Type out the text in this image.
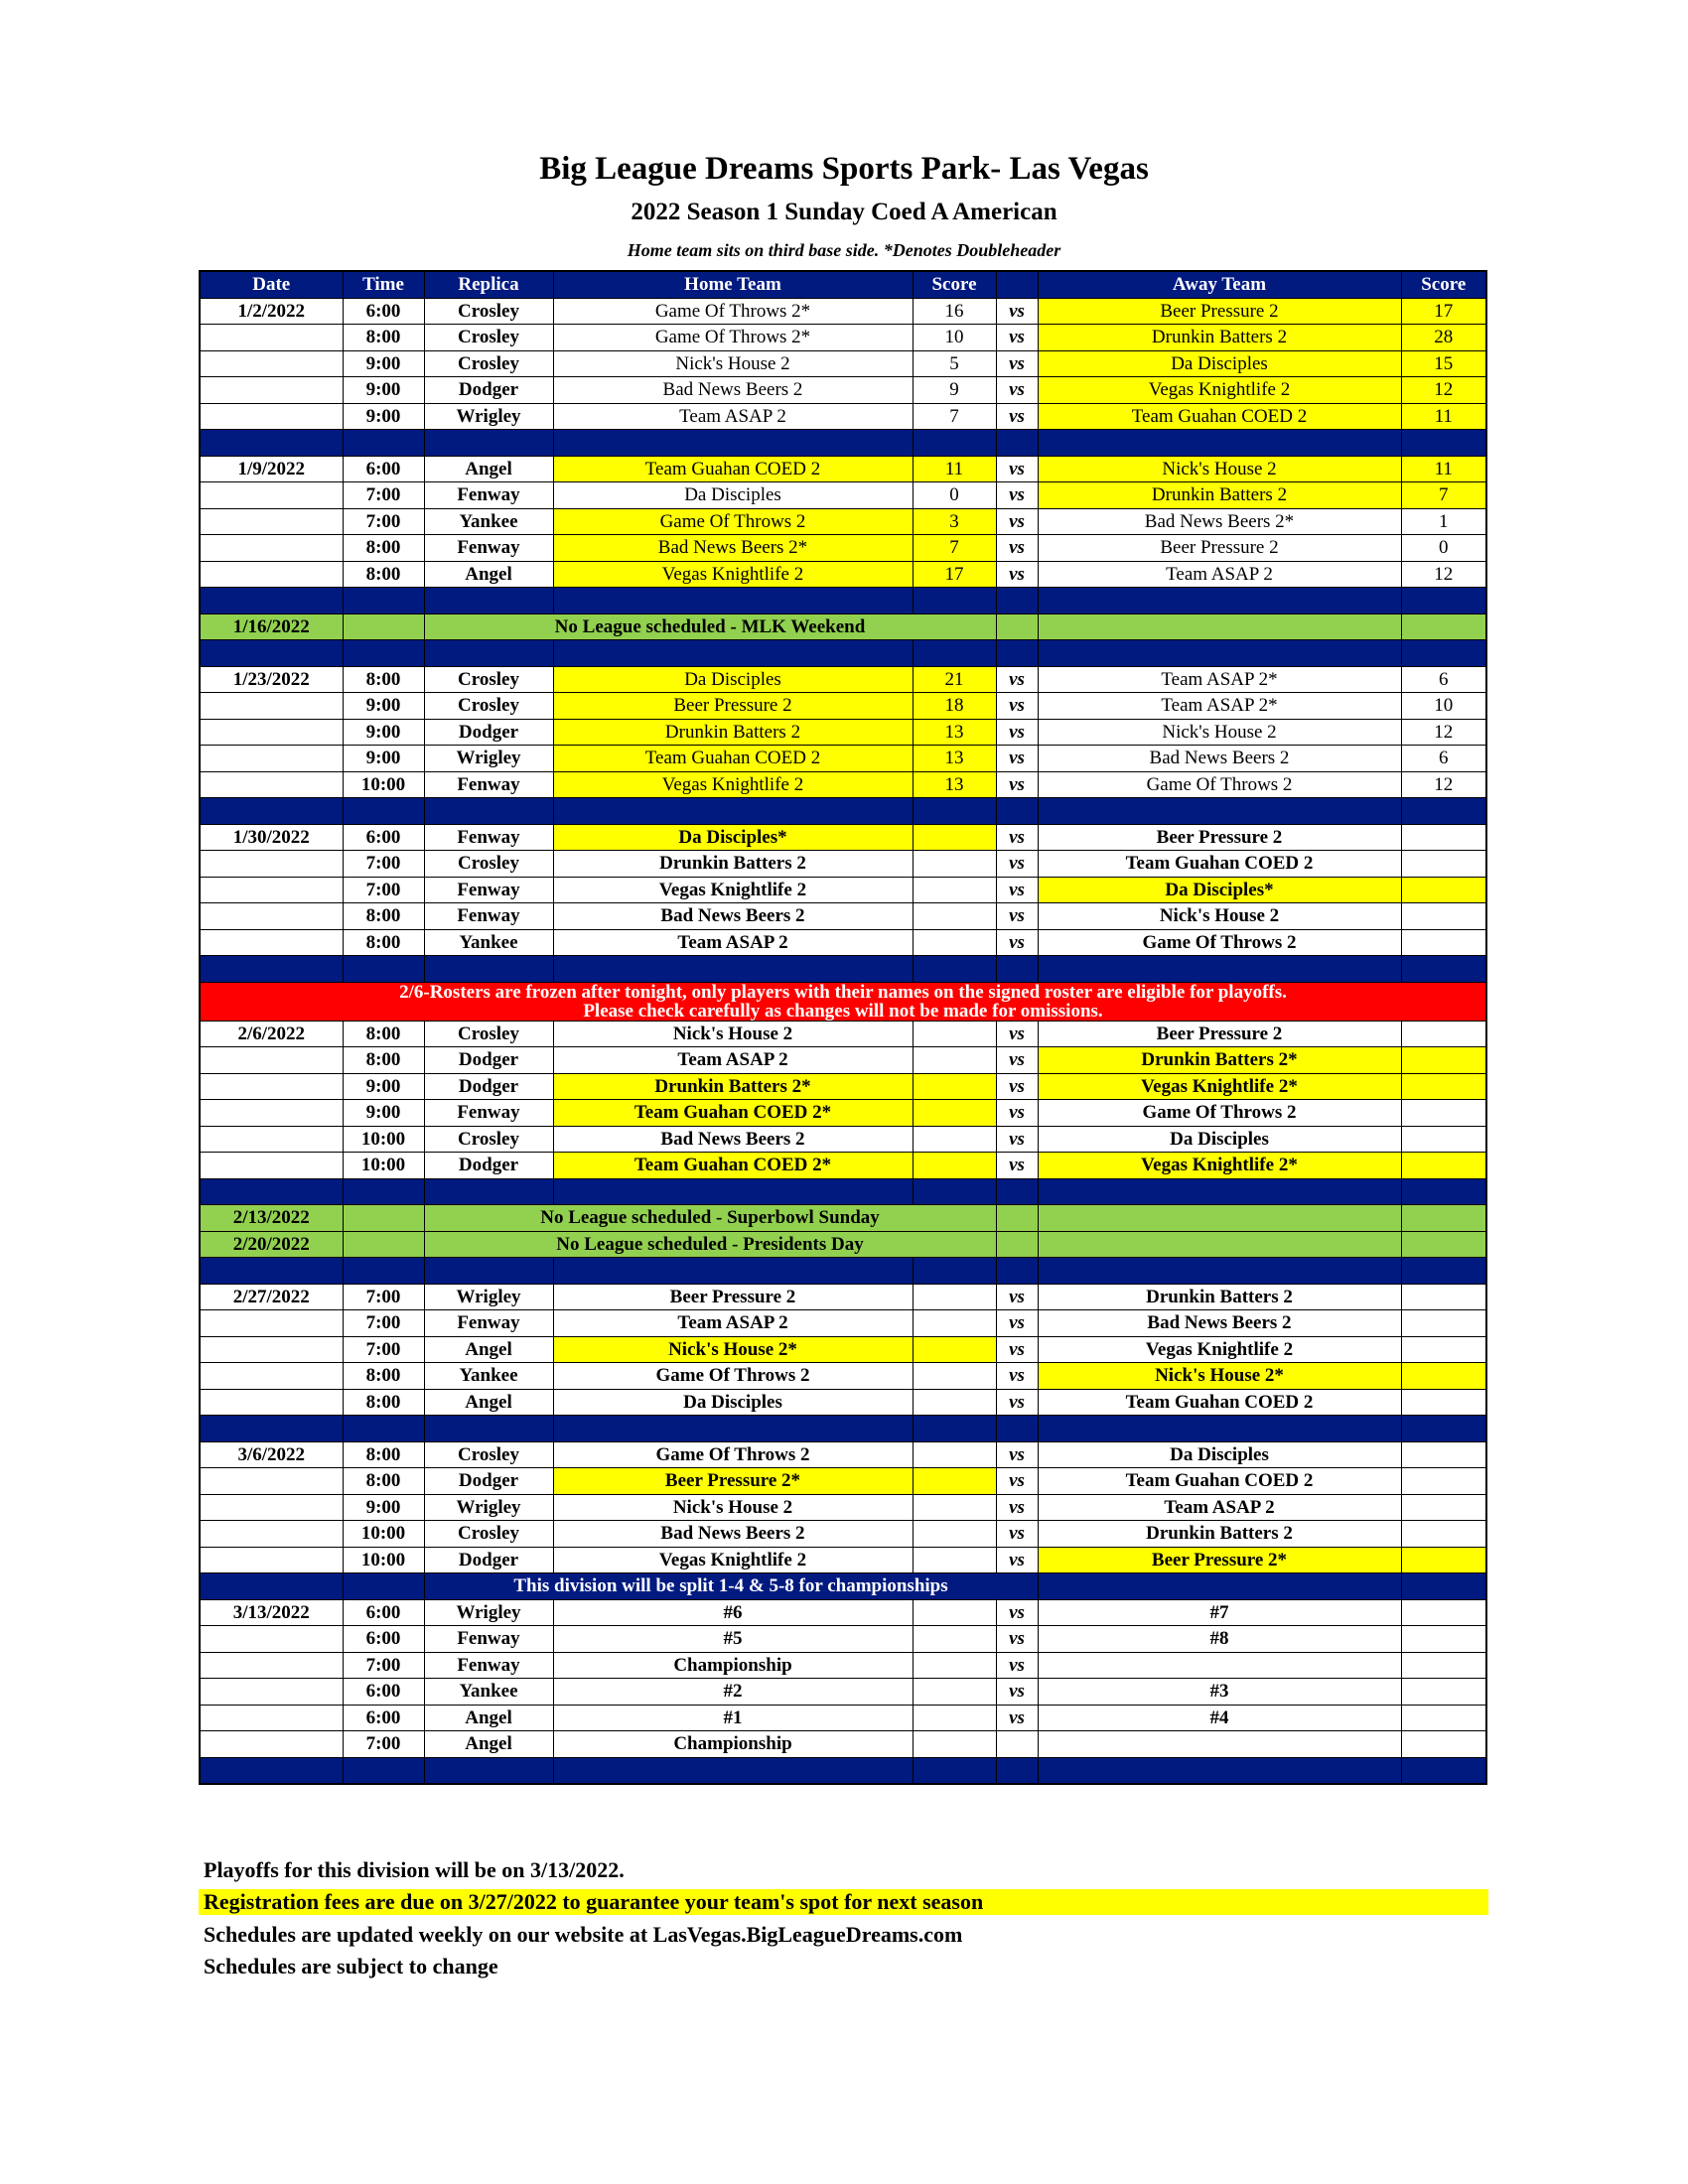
Big League Dreams Sports Park- Las Vegas
2022 Season 1 Sunday Coed A American
Home team sits on third base side. *Denotes Doubleheader
Date	Time	Replica	Home Team	Score		Away Team	Score
1/2/2022	6:00	Crosley	Game Of Throws 2*	16	vs	Beer Pressure 2	17
	8:00	Crosley	Game Of Throws 2*	10	vs	Drunkin Batters 2	28
	9:00	Crosley	Nick's House 2	5	vs	Da Disciples	15
	9:00	Dodger	Bad News Beers 2	9	vs	Vegas Knightlife 2	12
	9:00	Wrigley	Team ASAP 2	7	vs	Team Guahan COED 2	11

1/9/2022	6:00	Angel	Team Guahan COED 2	11	vs	Nick's House 2	11
	7:00	Fenway	Da Disciples	0	vs	Drunkin Batters 2	7
	7:00	Yankee	Game Of Throws 2	3	vs	Bad News Beers 2*	1
	8:00	Fenway	Bad News Beers 2*	7	vs	Beer Pressure 2	0
	8:00	Angel	Vegas Knightlife 2	17	vs	Team ASAP 2	12

1/16/2022		No League scheduled - MLK Weekend					

1/23/2022	8:00	Crosley	Da Disciples	21	vs	Team ASAP 2*	6
	9:00	Crosley	Beer Pressure 2	18	vs	Team ASAP 2*	10
	9:00	Dodger	Drunkin Batters 2	13	vs	Nick's House 2	12
	9:00	Wrigley	Team Guahan COED 2	13	vs	Bad News Beers 2	6
	10:00	Fenway	Vegas Knightlife 2	13	vs	Game Of Throws 2	12

1/30/2022	6:00	Fenway	Da Disciples*		vs	Beer Pressure 2	
	7:00	Crosley	Drunkin Batters 2		vs	Team Guahan COED 2	
	7:00	Fenway	Vegas Knightlife 2		vs	Da Disciples*	
	8:00	Fenway	Bad News Beers 2		vs	Nick's House 2	
	8:00	Yankee	Team ASAP 2		vs	Game Of Throws 2	

2/6-Rosters are frozen after tonight, only players with their names on the signed roster are eligible for playoffs.
Please check carefully as changes will not be made for omissions.							

2/6/2022	8:00	Crosley	Nick's House 2		vs	Beer Pressure 2	
	8:00	Dodger	Team ASAP 2		vs	Drunkin Batters 2*	
	9:00	Dodger	Drunkin Batters 2*		vs	Vegas Knightlife 2*	
	9:00	Fenway	Team Guahan COED 2*		vs	Game Of Throws 2	
	10:00	Crosley	Bad News Beers 2		vs	Da Disciples	
	10:00	Dodger	Team Guahan COED 2*		vs	Vegas Knightlife 2*	

2/13/2022		No League scheduled - Superbowl Sunday					
2/20/2022		No League scheduled - Presidents Day					

2/27/2022	7:00	Wrigley	Beer Pressure 2		vs	Drunkin Batters 2	
	7:00	Fenway	Team ASAP 2		vs	Bad News Beers 2	
	7:00	Angel	Nick's House 2*		vs	Vegas Knightlife 2	
	8:00	Yankee	Game Of Throws 2		vs	Nick's House 2*	
	8:00	Angel	Da Disciples		vs	Team Guahan COED 2	

3/6/2022	8:00	Crosley	Game Of Throws 2		vs	Da Disciples	
	8:00	Dodger	Beer Pressure 2*		vs	Team Guahan COED 2	
	9:00	Wrigley	Nick's House 2		vs	Team ASAP 2	
	10:00	Crosley	Bad News Beers 2		vs	Drunkin Batters 2	
	10:00	Dodger	Vegas Knightlife 2		vs	Beer Pressure 2*	
		This division will be split 1-4 & 5-8 for championships					
3/13/2022	6:00	Wrigley	#6		vs	#7	
	6:00	Fenway	#5		vs	#8	
	7:00	Fenway	Championship		vs		
	6:00	Yankee	#2		vs	#3	
	6:00	Angel	#1		vs	#4	
	7:00	Angel	Championship				

Playoffs for this division will be on 3/13/2022.
Registration fees are due on 3/27/2022 to guarantee your team's spot for next season
Schedules are updated weekly on our website at LasVegas.BigLeagueDreams.com
Schedules are subject to change
